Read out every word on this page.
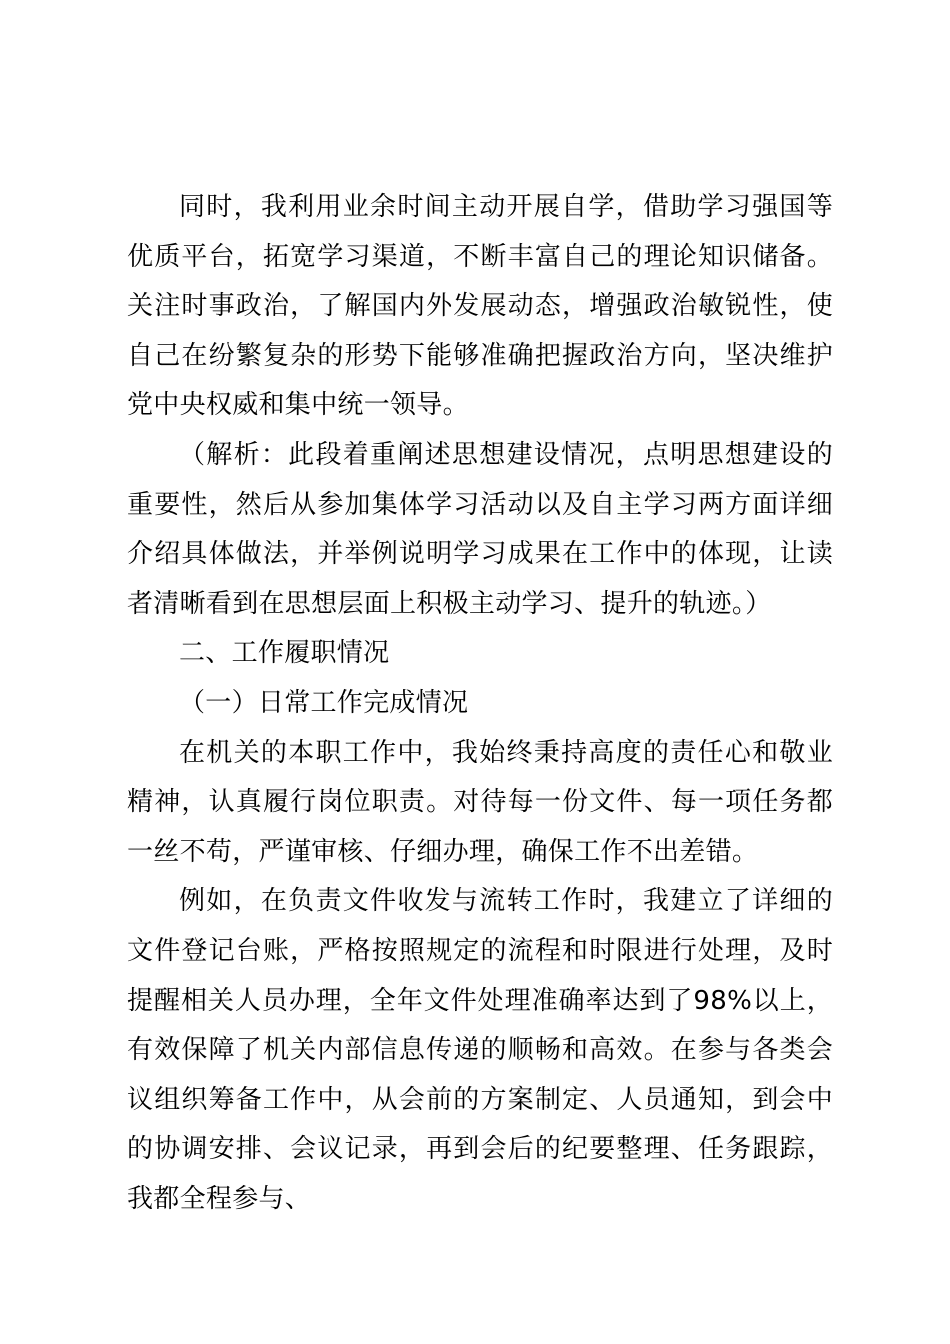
同时，我利用业余时间主动开展自学，借助学习强国等优质平台，拓宽学习渠道，不断丰富自己的理论知识储备。关注时事政治，了解国内外发展动态，增强政治敏锐性，使自己在纷繁复杂的形势下能够准确把握政治方向，坚决维护党中央权威和集中统一领导。

（解析：此段着重阐述思想建设情况，点明思想建设的重要性，然后从参加集体学习活动以及自主学习两方面详细介绍具体做法，并举例说明学习成果在工作中的体现，让读者清晰看到在思想层面上积极主动学习、提升的轨迹。）

二、工作履职情况

（一）日常工作完成情况

在机关的本职工作中，我始终秉持高度的责任心和敬业精神，认真履行岗位职责。对待每一份文件、每一项任务都一丝不苟，严谨审核、仔细办理，确保工作不出差错。

例如，在负责文件收发与流转工作时，我建立了详细的文件登记台账，严格按照规定的流程和时限进行处理，及时提醒相关人员办理，全年文件处理准确率达到了98%以上，有效保障了机关内部信息传递的顺畅和高效。在参与各类会议组织筹备工作中，从会前的方案制定、人员通知，到会中的协调安排、会议记录，再到会后的纪要整理、任务跟踪，我都全程参与、
